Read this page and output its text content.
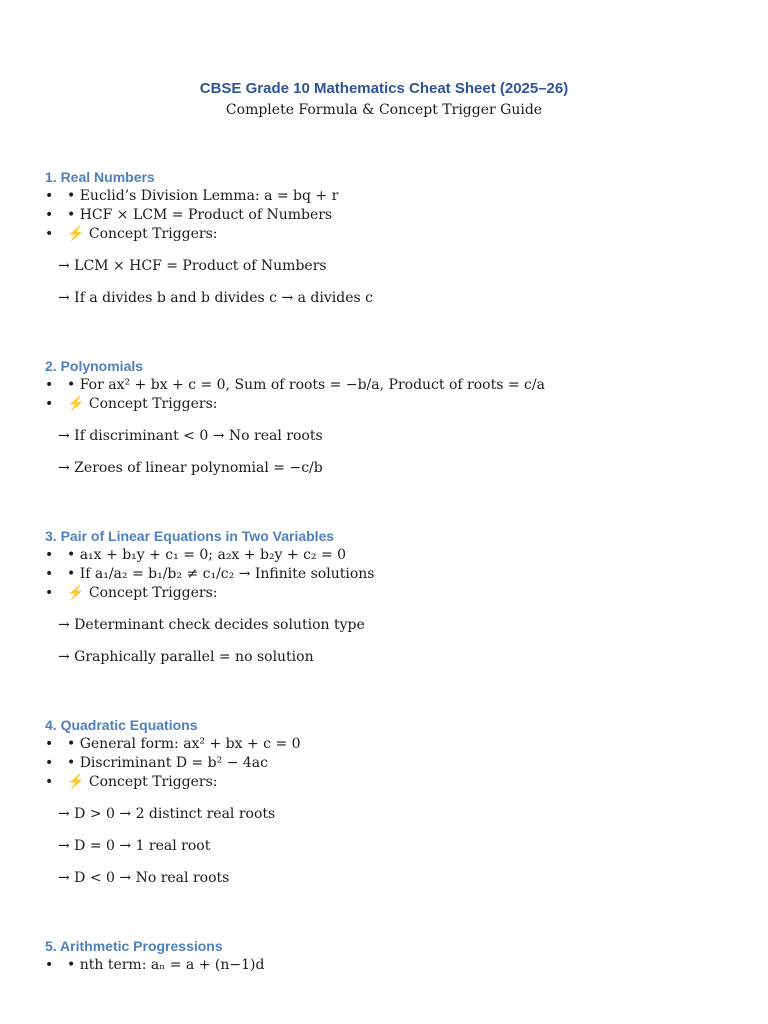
CBSE Grade 10 Mathematics Cheat Sheet (2025–26)

Complete Formula & Concept Trigger Guide

1. Real Numbers
• • Euclid’s Division Lemma: a = bq + r
• • HCF × LCM = Product of Numbers
• ⚡ Concept Triggers:

→ LCM × HCF = Product of Numbers

→ If a divides b and b divides c → a divides c

2. Polynomials
• • For ax² + bx + c = 0, Sum of roots = −b/a, Product of roots = c/a
• ⚡ Concept Triggers:

→ If discriminant < 0 → No real roots

→ Zeroes of linear polynomial = −c/b

3. Pair of Linear Equations in Two Variables
• • a₁x + b₁y + c₁ = 0; a₂x + b₂y + c₂ = 0
• • If a₁/a₂ = b₁/b₂ ≠ c₁/c₂ → Infinite solutions
• ⚡ Concept Triggers:

→ Determinant check decides solution type

→ Graphically parallel = no solution

4. Quadratic Equations
• • General form: ax² + bx + c = 0
• • Discriminant D = b² − 4ac
• ⚡ Concept Triggers:

→ D > 0 → 2 distinct real roots

→ D = 0 → 1 real root

→ D < 0 → No real roots

5. Arithmetic Progressions
• • nth term: aₙ = a + (n−1)d
